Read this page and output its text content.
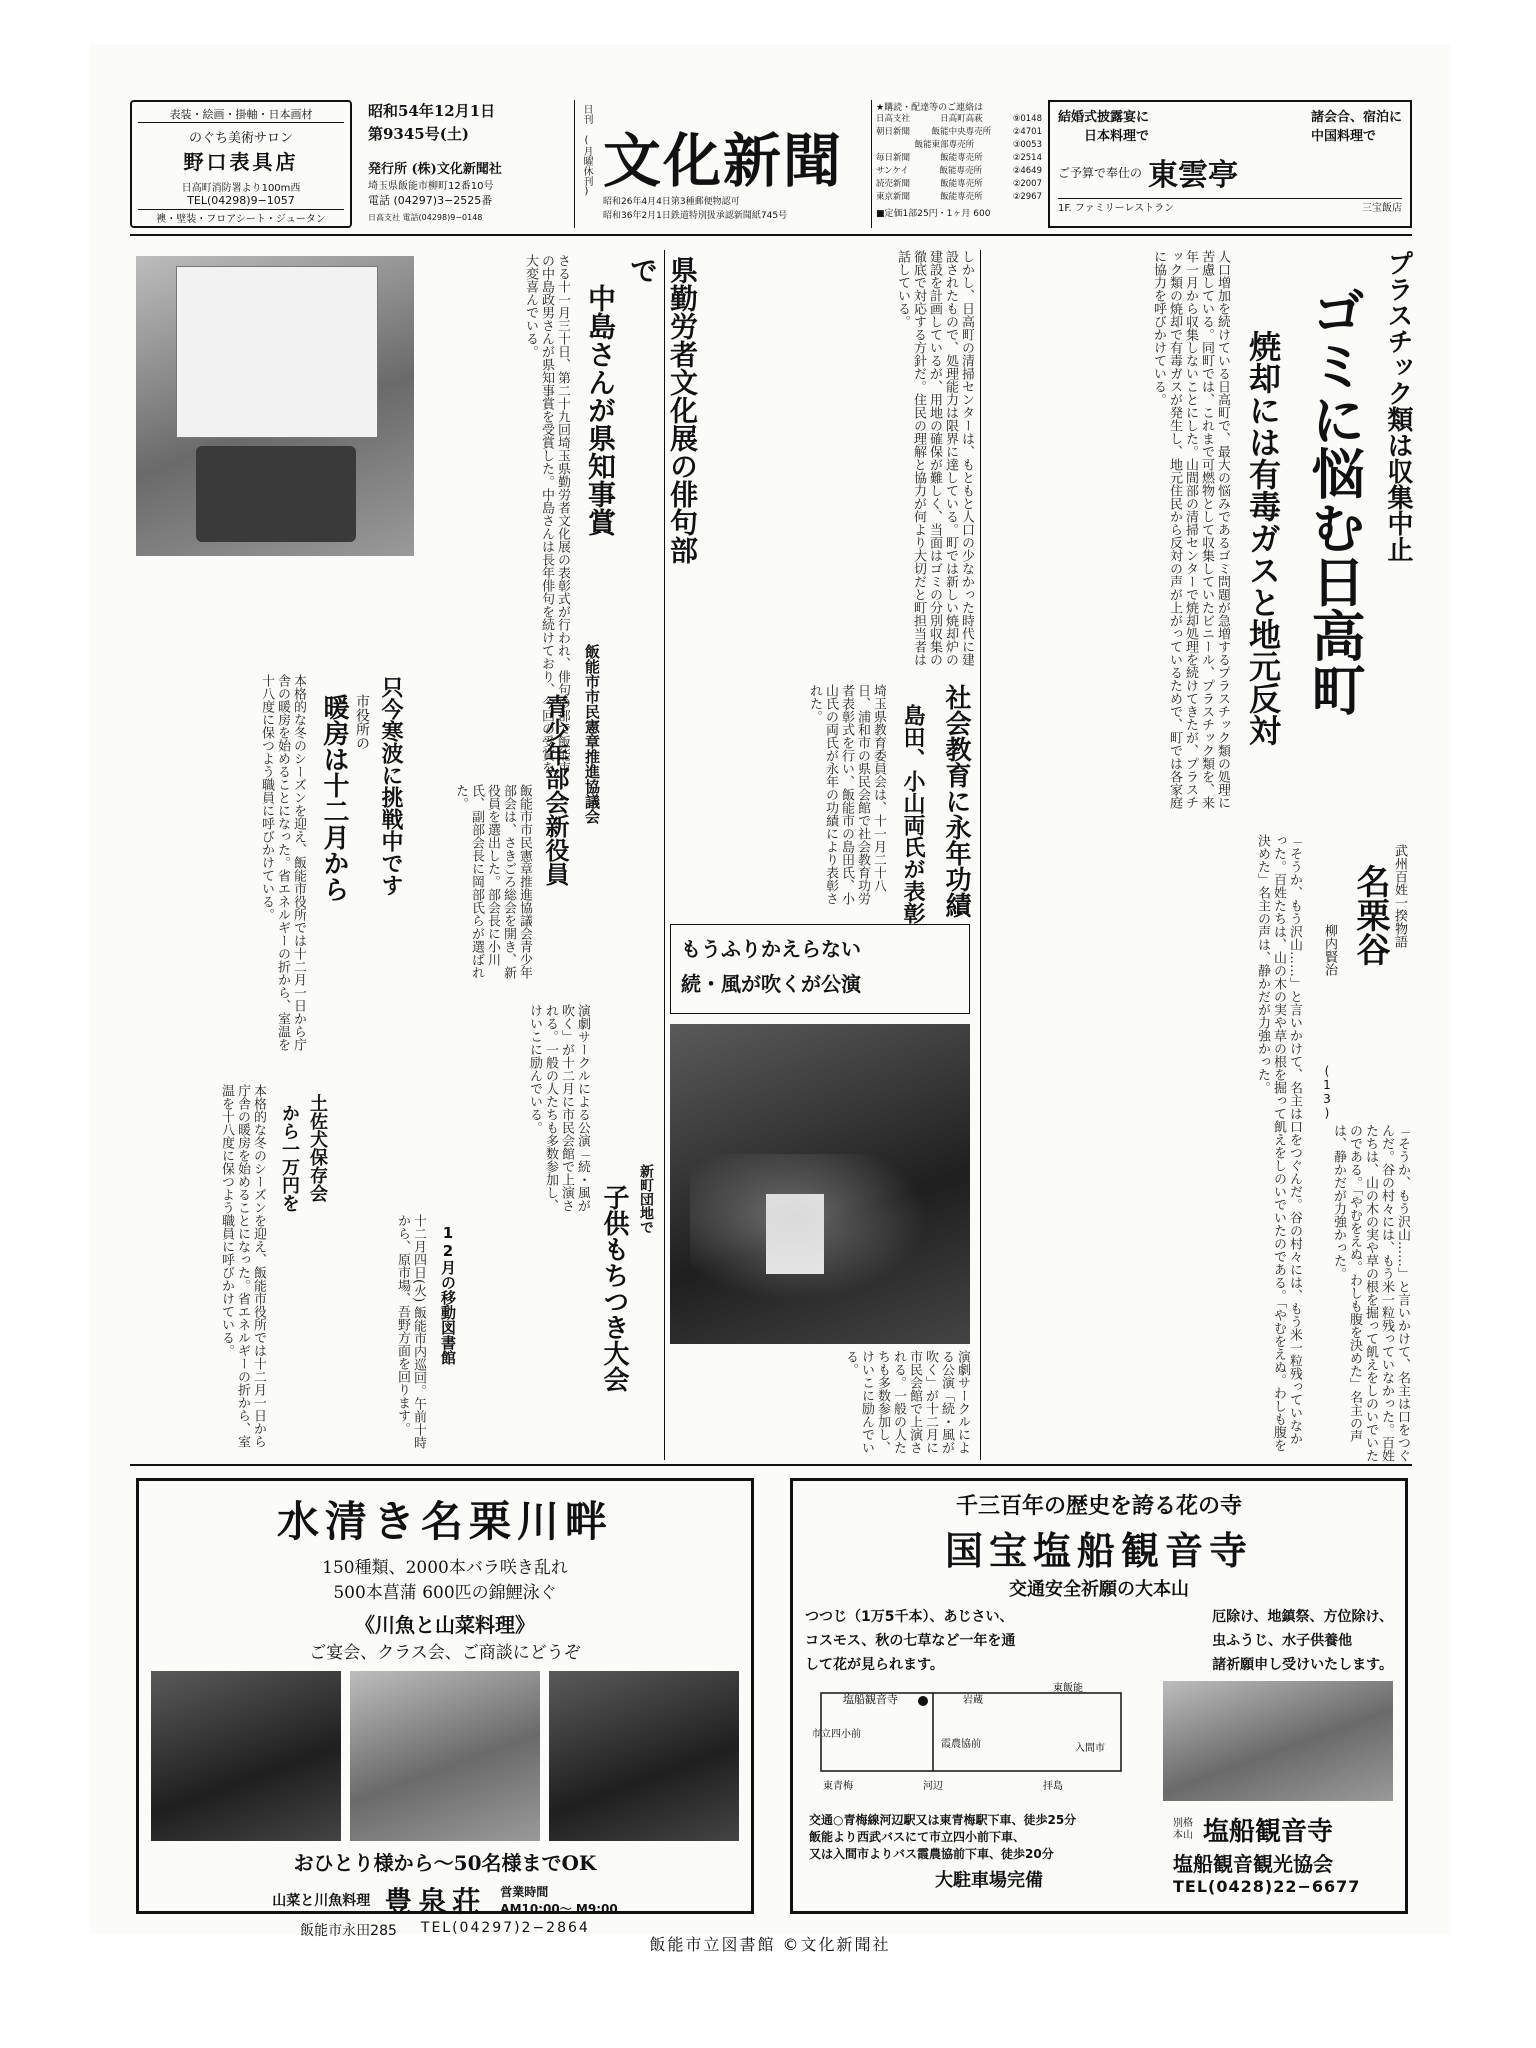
表装・絵画・掛軸・日本画材
のぐち美術サロン
野口表具店
日高町消防署より100m西
TEL(04298)9−1057
襖・壁装・フロアシート・ジュータン
昭和54年12月1日
第9345号(土)
発行所 (株)文化新聞社
埼玉県飯能市柳町12番10号
電話 (04297)3−2525番
日高支社 電話(04298)9−0148
日刊 (月曜休刊) 文化新聞
昭和26年4月4日第3種郵便物認可
昭和36年2月1日鉄道特別扱承認新聞紙745号
★購読・配達等のご連絡は
日高支社	日高町高萩	⑨0148
朝日新聞	飯能中央専売所	②4701
飯能東部専売所	③0053
毎日新聞	飯能専売所	②2514
サンケイ	飯能専売所	②4649
読売新聞	飯能専売所	②2007
東京新聞	飯能専売所	②2967
■定価1部25円・1ヶ月 600
結婚式披露宴に
日本料理で
諸会合、宿泊に
中国料理で
ご予算で奉仕の 東雲亭
1F. ファミリーレストラン	三宝飯店
プラスチック類は収集中止
ゴミに悩む日高町
焼却には有毒ガスと地元反対
人口増加を続けている日高町で、最大の悩みであるゴミ問題が急増するプラスチック類の処理に苦慮している。同町では、これまで可燃物として収集していたビニール、プラスチック類を、来年一月から収集しないことにした。山間部の清掃センターで焼却処理を続けてきたが、プラスチック類の焼却で有毒ガスが発生し、地元住民から反対の声が上がっているためで、町では各家庭に協力を呼びかけている。
武州百姓一揆物語
名栗谷
柳内賢治
(13)
「そうか、もう沢山……」と言いかけて、名主は口をつぐんだ。谷の村々には、もう米一粒残っていなかった。百姓たちは、山の木の実や草の根を掘って飢えをしのいでいたのである。「やむをえぬ。わしも腹を決めた」名主の声は、静かだが力強かった。
「そうか、もう沢山……」と言いかけて、名主は口をつぐんだ。谷の村々には、もう米一粒残っていなかった。百姓たちは、山の木の実や草の根を掘って飢えをしのいでいたのである。「やむをえぬ。わしも腹を決めた」名主の声は、静かだが力強かった。
しかし、日高町の清掃センターは、もともと人口の少なかった時代に建設されたもので、処理能力は限界に達している。町では新しい焼却炉の建設を計画しているが、用地の確保が難しく、当面はゴミの分別収集の徹底で対応する方針だ。住民の理解と協力が何より大切だと町担当者は話している。
社会教育に永年功績
島田、小山両氏が表彰
埼玉県教育委員会は、十一月二十八日、浦和市の県民会館で社会教育功労者表彰式を行い、飯能市の島田氏、小山氏の両氏が永年の功績により表彰された。
もうふりかえらない
続・風が吹くが公演
演劇サークルによる公演「続・風が吹く」が十二月に市民会館で上演される。一般の人たちも多数参加し、けいこに励んでいる。
県勤労者文化展の俳句部で
中島さんが県知事賞
さる十一月三十日、第二十九回埼玉県勤労者文化展の表彰式が行われ、俳句の部で飯能市の中島政男さんが県知事賞を受賞した。中島さんは長年俳句を続けており、今回の受賞を大変喜んでいる。
飯能市市民憲章推進協議会
青少年部会新役員
飯能市市民憲章推進協議会青少年部会は、さきごろ総会を開き、新役員を選出した。部会長に小川氏、副部会長に岡部氏らが選ばれた。
只今寒波に挑戦中です
市役所の
暖房は十二月から
本格的な冬のシーズンを迎え、飯能市役所では十二月一日から庁舎の暖房を始めることになった。省エネルギーの折から、室温を十八度に保つよう職員に呼びかけている。
土佐犬保存会
から一万円を
本格的な冬のシーズンを迎え、飯能市役所では十二月一日から庁舎の暖房を始めることになった。省エネルギーの折から、室温を十八度に保つよう職員に呼びかけている。	12月の移動図書館
十二月四日(火) 飯能市内巡回。午前十時から、原市場、吾野方面を回ります。
新町団地で
子供もちつき大会
演劇サークルによる公演「続・風が吹く」が十二月に市民会館で上演される。一般の人たちも多数参加し、けいこに励んでいる。
水清き名栗川畔
150種類、2000本バラ咲き乱れ
500本菖蒲 600匹の錦鯉泳ぐ
《川魚と山菜料理》
ご宴会、クラス会、ご商談にどうぞ
おひとり様から〜50名様までOK
山菜と川魚料理 豊泉荘 営業時間
AM10:00〜 M9:00
飯能市永田285 TEL(04297)2−2864
千三百年の歴史を誇る花の寺
国宝塩船観音寺
交通安全祈願の大本山
つつじ（1万5千本）、あじさい、
コスモス、秋の七草など一年を通
して花が見られます。
厄除け、地鎮祭、方位除け、
虫ふうじ、水子供養他
諸祈願申し受けいたします。
塩船観音寺
市立四小前
岩蔵
東飯能
霞農協前	入間市
東青梅	河辺	拝島
交通○青梅線河辺駅又は東青梅駅下車、徒歩25分
飯能より西武バスにて市立四小前下車、
又は入間市よりバス霞農協前下車、徒歩20分
大駐車場完備
別格本山 塩船観音寺
塩船観音観光協会
TEL(0428)22−6677
飯能市立図書館 ©文化新聞社
